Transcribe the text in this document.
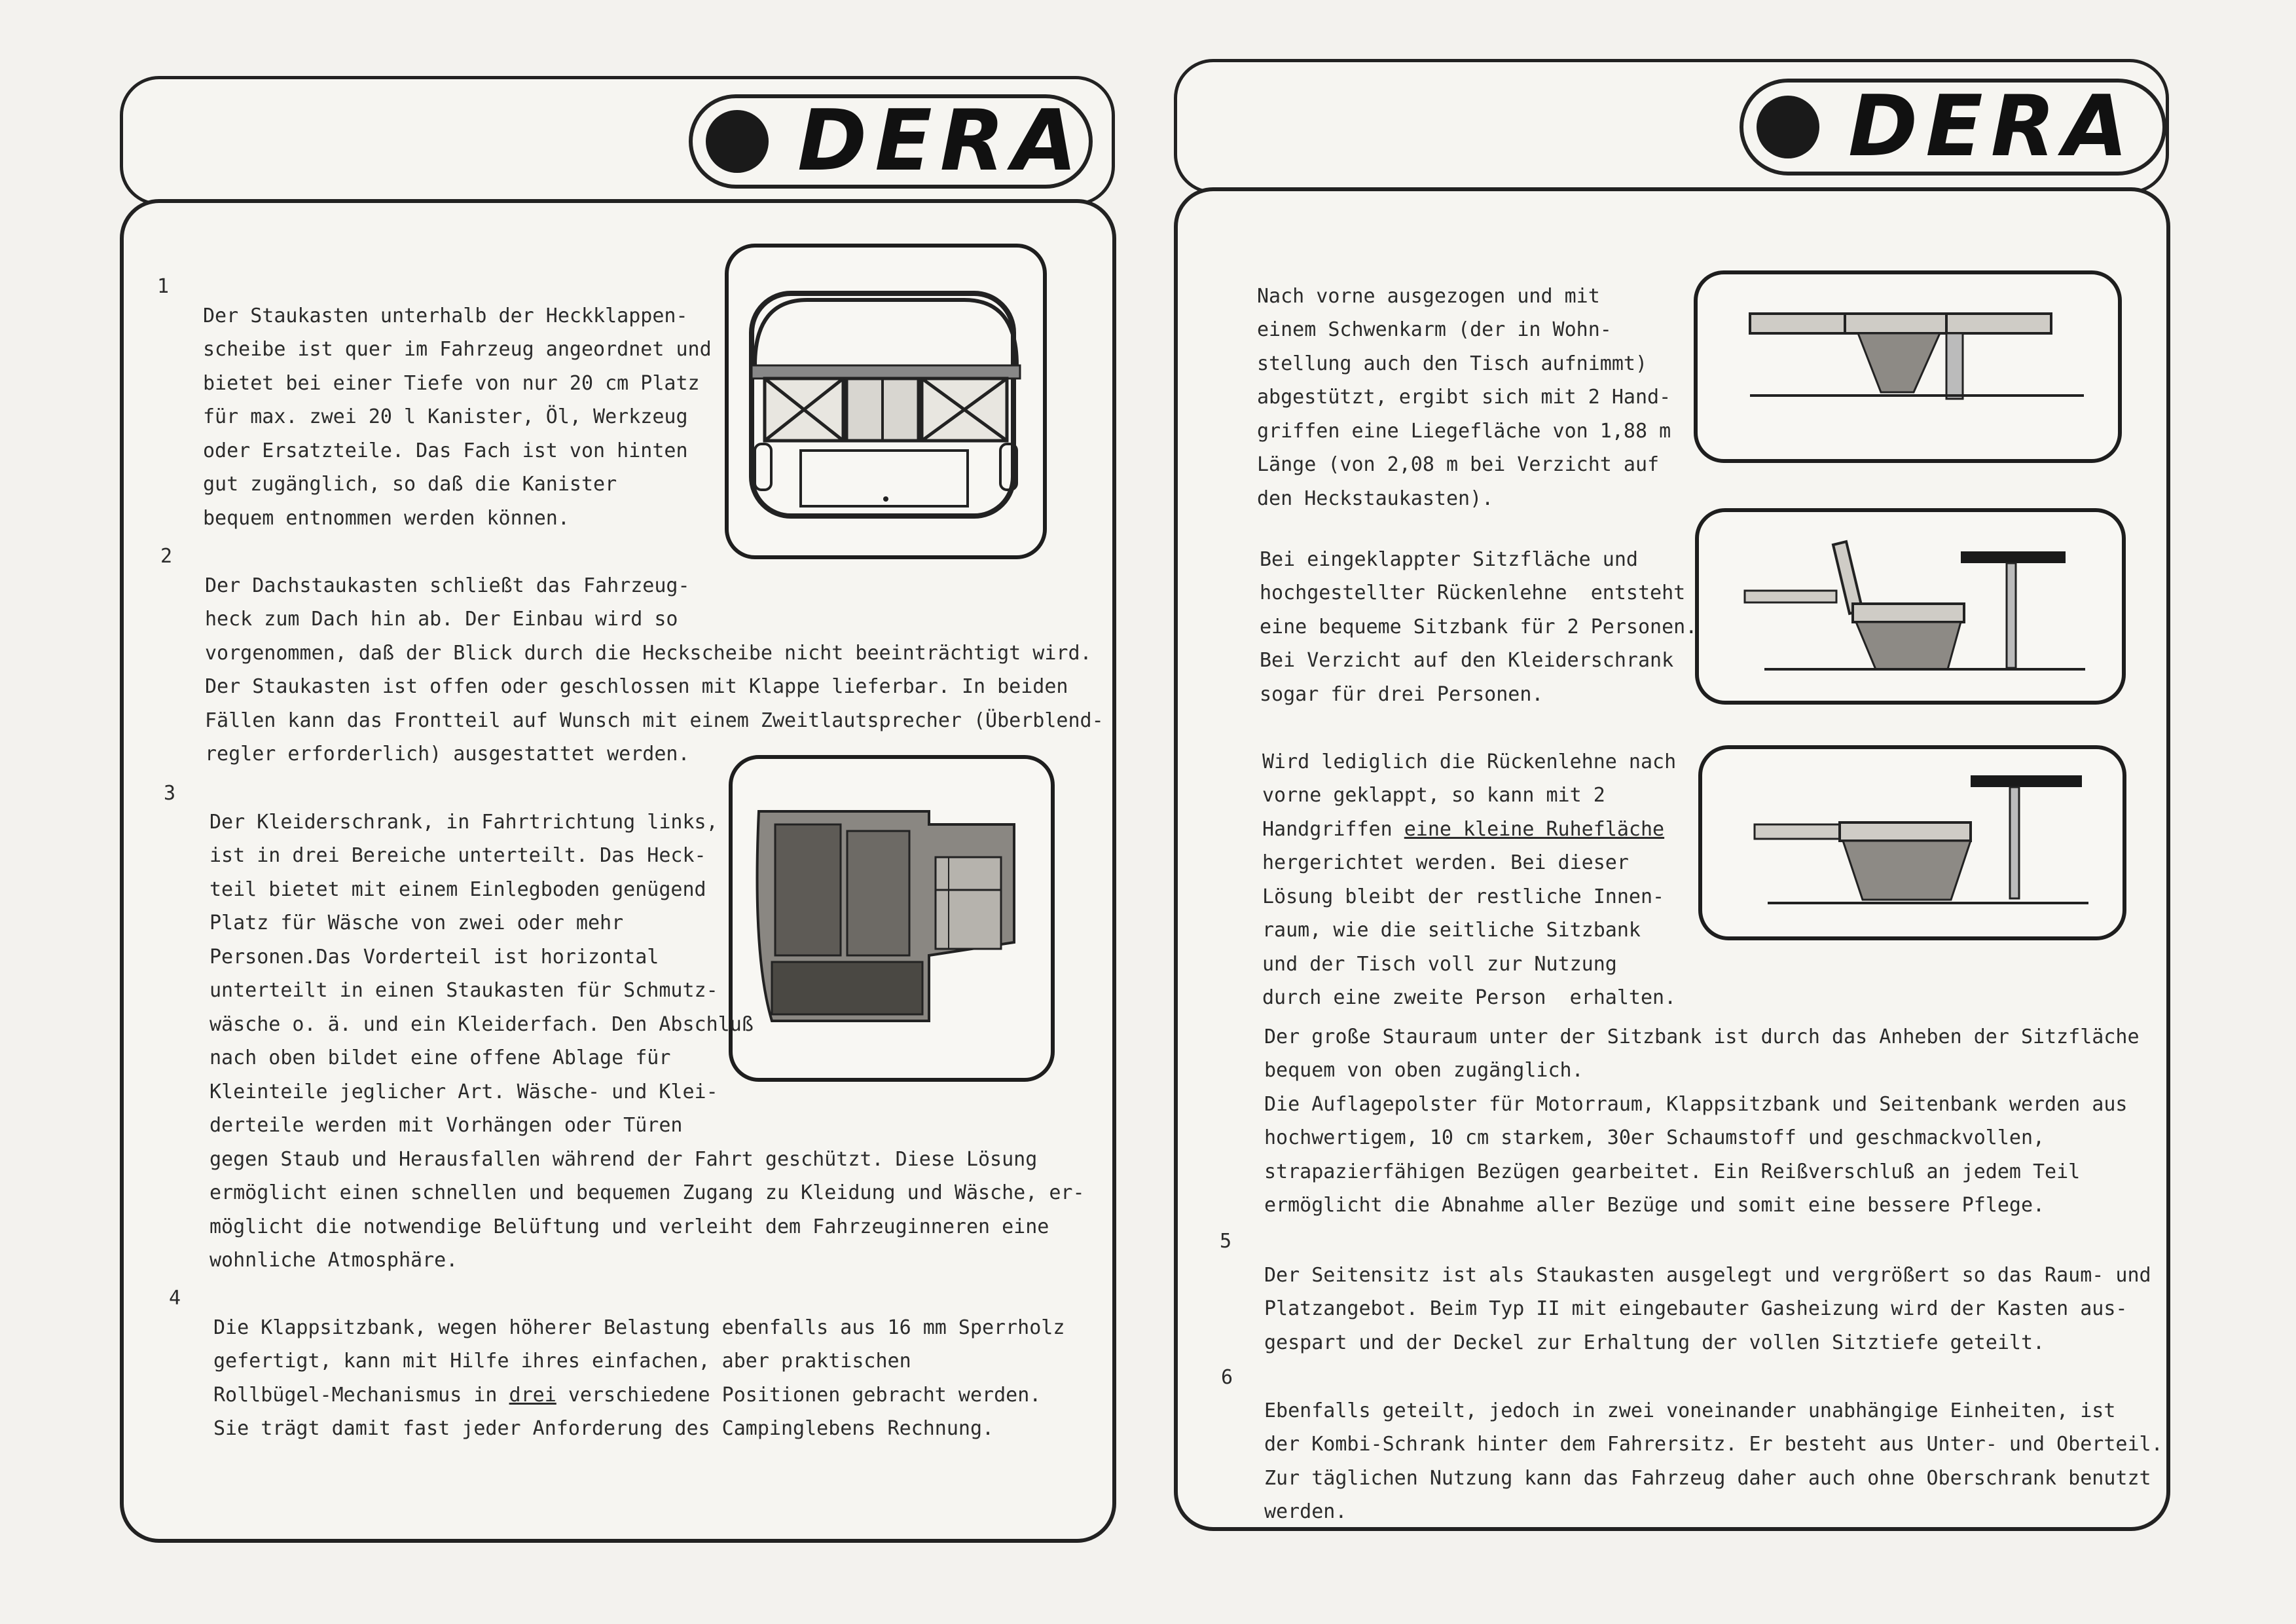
DERA
1

Der Staukasten unterhalb der Heckklappen-
scheibe ist quer im Fahrzeug angeordnet und
bietet bei einer Tiefe von nur 20 cm Platz
für max. zwei 20 l Kanister, Öl, Werkzeug
oder Ersatzteile. Das Fach ist von hinten
gut zugänglich, so daß die Kanister
bequem entnommen werden können.
2

Der Dachstaukasten schließt das Fahrzeug-
heck zum Dach hin ab. Der Einbau wird so
vorgenommen, daß der Blick durch die Heckscheibe nicht beeinträchtigt wird.
Der Staukasten ist offen oder geschlossen mit Klappe lieferbar. In beiden
Fällen kann das Frontteil auf Wunsch mit einem Zweitlautsprecher (Überblend-
regler erforderlich) ausgestattet werden.
3

Der Kleiderschrank, in Fahrtrichtung links,
ist in drei Bereiche unterteilt. Das Heck-
teil bietet mit einem Einlegboden genügend
Platz für Wäsche von zwei oder mehr
Personen.Das Vorderteil ist horizontal
unterteilt in einen Staukasten für Schmutz-
wäsche o. ä. und ein Kleiderfach. Den Abschluß
nach oben bildet eine offene Ablage für
Kleinteile jeglicher Art. Wäsche- und Klei-
derteile werden mit Vorhängen oder Türen
gegen Staub und Herausfallen während der Fahrt geschützt. Diese Lösung
ermöglicht einen schnellen und bequemen Zugang zu Kleidung und Wäsche, er-
möglicht die notwendige Belüftung und verleiht dem Fahrzeuginneren eine
wohnliche Atmosphäre.
4

Die Klappsitzbank, wegen höherer Belastung ebenfalls aus 16 mm Sperrholz
gefertigt, kann mit Hilfe ihres einfachen, aber praktischen
Rollbügel-Mechanismus in drei verschiedene Positionen gebracht werden.
Sie trägt damit fast jeder Anforderung des Campinglebens Rechnung.
DERA

Nach vorne ausgezogen und mit
einem Schwenkarm (der in Wohn-
stellung auch den Tisch aufnimmt)
abgestützt, ergibt sich mit 2 Hand-
griffen eine Liegefläche von 1,88 m
Länge (von 2,08 m bei Verzicht auf
den Heckstaukasten).

Bei eingeklappter Sitzfläche und
hochgestellter Rückenlehne  entsteht
eine bequeme Sitzbank für 2 Personen.
Bei Verzicht auf den Kleiderschrank
sogar für drei Personen.

Wird lediglich die Rückenlehne nach
vorne geklappt, so kann mit 2
Handgriffen eine kleine Ruhefläche
hergerichtet werden. Bei dieser
Lösung bleibt der restliche Innen-
raum, wie die seitliche Sitzbank
und der Tisch voll zur Nutzung
durch eine zweite Person  erhalten.

Der große Stauraum unter der Sitzbank ist durch das Anheben der Sitzfläche
bequem von oben zugänglich.
Die Auflagepolster für Motorraum, Klappsitzbank und Seitenbank werden aus
hochwertigem, 10 cm starkem, 30er Schaumstoff und geschmackvollen,
strapazierfähigen Bezügen gearbeitet. Ein Reißverschluß an jedem Teil
ermöglicht die Abnahme aller Bezüge und somit eine bessere Pflege.
5

Der Seitensitz ist als Staukasten ausgelegt und vergrößert so das Raum- und
Platzangebot. Beim Typ II mit eingebauter Gasheizung wird der Kasten aus-
gespart und der Deckel zur Erhaltung der vollen Sitztiefe geteilt.
6

Ebenfalls geteilt, jedoch in zwei voneinander unabhängige Einheiten, ist
der Kombi-Schrank hinter dem Fahrersitz. Er besteht aus Unter- und Oberteil.
Zur täglichen Nutzung kann das Fahrzeug daher auch ohne Oberschrank benutzt
werden.
